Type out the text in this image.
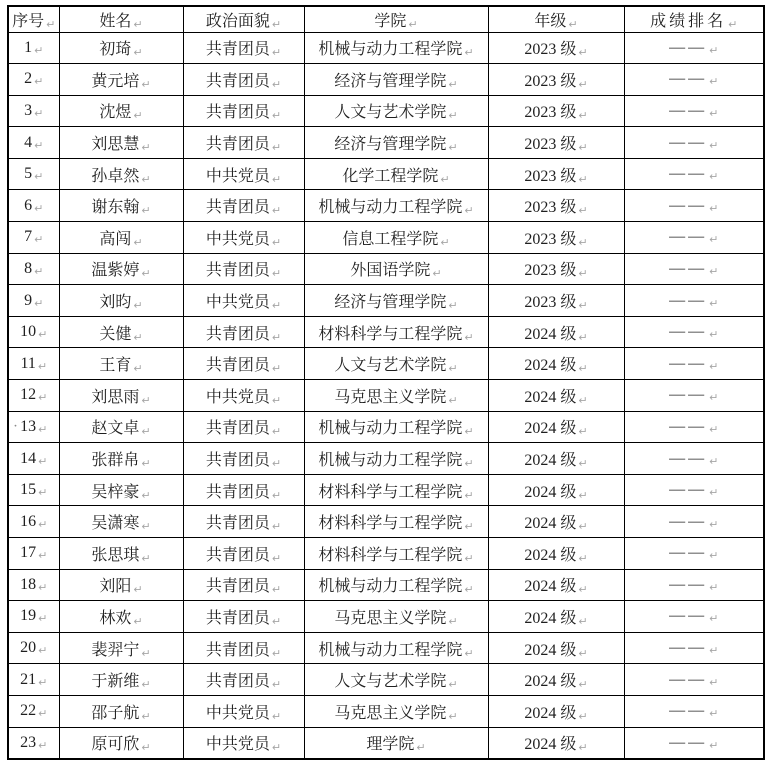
序号 ↵	姓名 ↵	政治面貌 ↵	学院 ↵	年级 ↵	成绩排名 ↵
1 ↵	初琦 ↵	共青团员 ↵	机械与动力工程学院 ↵	2023 级 ↵	—— ↵
2 ↵	黄元培 ↵	共青团员 ↵	经济与管理学院 ↵	2023 级 ↵	—— ↵
3 ↵	沈煜 ↵	共青团员 ↵	人文与艺术学院 ↵	2023 级 ↵	—— ↵
4 ↵	刘思慧 ↵	共青团员 ↵	经济与管理学院 ↵	2023 级 ↵	—— ↵
5 ↵	孙卓然 ↵	中共党员 ↵	化学工程学院 ↵	2023 级 ↵	—— ↵
6 ↵	谢东翰 ↵	共青团员 ↵	机械与动力工程学院 ↵	2023 级 ↵	—— ↵
7 ↵	高闯 ↵	中共党员 ↵	信息工程学院 ↵	2023 级 ↵	—— ↵
8 ↵	温紫婷 ↵	共青团员 ↵	外国语学院 ↵	2023 级 ↵	—— ↵
9 ↵	刘昀 ↵	中共党员 ↵	经济与管理学院 ↵	2023 级 ↵	—— ↵
10 ↵	关健 ↵	共青团员 ↵	材料科学与工程学院 ↵	2024 级 ↵	—— ↵
11 ↵	王育 ↵	共青团员 ↵	人文与艺术学院 ↵	2024 级 ↵	—— ↵
12 ↵	刘思雨 ↵	中共党员 ↵	马克思主义学院 ↵	2024 级 ↵	—— ↵

· 13 ↵	赵文卓 ↵	共青团员 ↵	机械与动力工程学院 ↵	2024 级 ↵	—— ↵
14 ↵	张群帛 ↵	共青团员 ↵	机械与动力工程学院 ↵	2024 级 ↵	—— ↵
15 ↵	吴梓豪 ↵	共青团员 ↵	材料科学与工程学院 ↵	2024 级 ↵	—— ↵
16 ↵	吴潇寒 ↵	共青团员 ↵	材料科学与工程学院 ↵	2024 级 ↵	—— ↵
17 ↵	张思琪 ↵	共青团员 ↵	材料科学与工程学院 ↵	2024 级 ↵	—— ↵
18 ↵	刘阳 ↵	共青团员 ↵	机械与动力工程学院 ↵	2024 级 ↵	—— ↵
19 ↵	林欢 ↵	共青团员 ↵	马克思主义学院 ↵	2024 级 ↵	—— ↵
20 ↵	裴羿宁 ↵	共青团员 ↵	机械与动力工程学院 ↵	2024 级 ↵	—— ↵
21 ↵	于新维 ↵	共青团员 ↵	人文与艺术学院 ↵	2024 级 ↵	—— ↵
22 ↵	邵子航 ↵	中共党员 ↵	马克思主义学院 ↵	2024 级 ↵	—— ↵
23 ↵	原可欣 ↵	中共党员 ↵	理学院 ↵	2024 级 ↵	—— ↵
